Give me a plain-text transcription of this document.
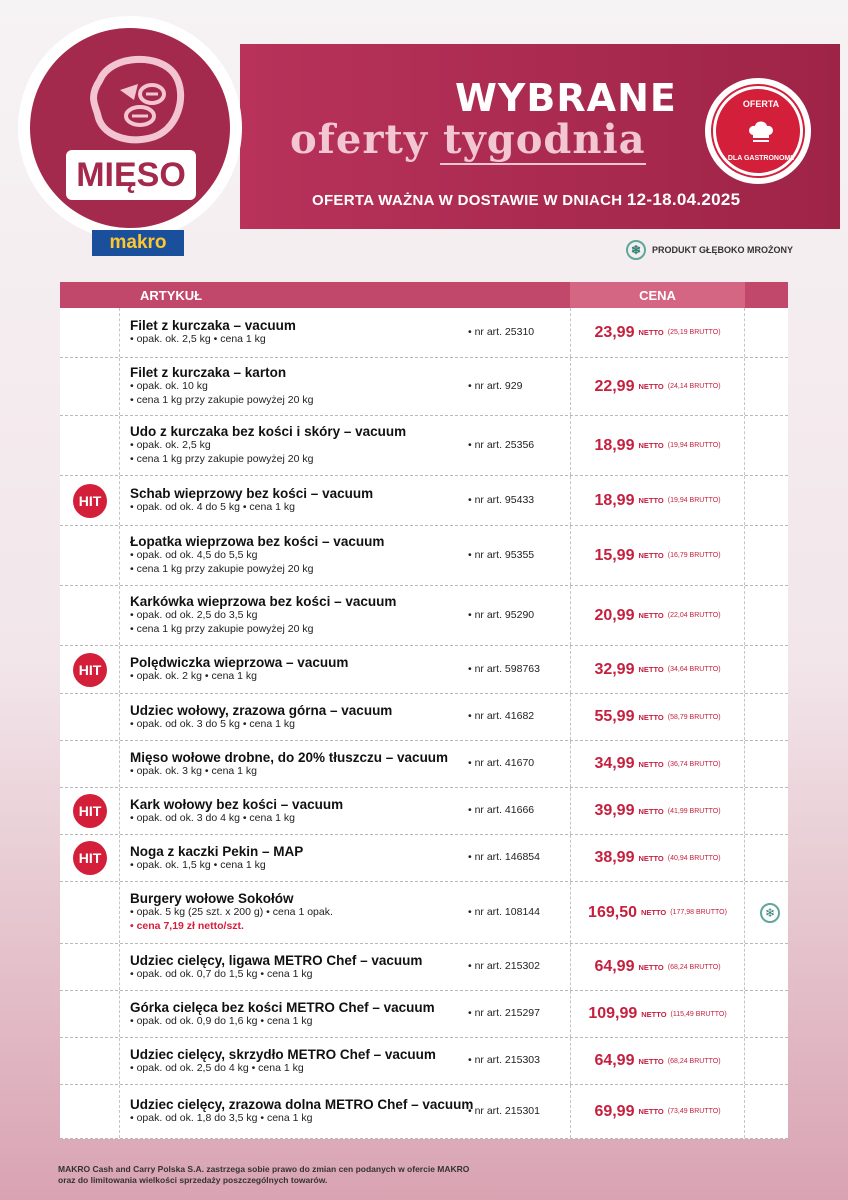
WYBRANE
oferty tygodnia
OFERTA WAŻNA W DOSTAWIE W DNIACH 12-18.04.2025
OFERTA
DLA GASTRONOMII
MIĘSO
makro	❄	PRODUKT GŁĘBOKO MROŻONY
ARTYKUŁ	CENA
Filet z kurczaka – vacuum
• opak. ok. 2,5 kg • cena 1 kg
• nr art. 25310	23,99 NETTO (25,19 BRUTTO)
Filet z kurczaka – karton
• opak. ok. 10 kg
• cena 1 kg przy zakupie powyżej 20 kg
• nr art. 929	22,99 NETTO (24,14 BRUTTO)
Udo z kurczaka bez kości i skóry – vacuum
• opak. ok. 2,5 kg
• cena 1 kg przy zakupie powyżej 20 kg
• nr art. 25356	18,99 NETTO (19,94 BRUTTO)
HIT	Schab wieprzowy bez kości – vacuum
• opak. od ok. 4 do 5 kg • cena 1 kg
• nr art. 95433	18,99 NETTO (19,94 BRUTTO)
Łopatka wieprzowa bez kości – vacuum
• opak. od ok. 4,5 do 5,5 kg
• cena 1 kg przy zakupie powyżej 20 kg
• nr art. 95355	15,99 NETTO (16,79 BRUTTO)
Karkówka wieprzowa bez kości – vacuum
• opak. od ok. 2,5 do 3,5 kg
• cena 1 kg przy zakupie powyżej 20 kg
• nr art. 95290	20,99 NETTO (22,04 BRUTTO)
HIT	Polędwiczka wieprzowa – vacuum
• opak. ok. 2 kg • cena 1 kg
• nr art. 598763	32,99 NETTO (34,64 BRUTTO)
Udziec wołowy, zrazowa górna – vacuum
• opak. od ok. 3 do 5 kg • cena 1 kg
• nr art. 41682	55,99 NETTO (58,79 BRUTTO)
Mięso wołowe drobne, do 20% tłuszczu – vacuum
• opak. ok. 3 kg • cena 1 kg
• nr art. 41670	34,99 NETTO (36,74 BRUTTO)
HIT	Kark wołowy bez kości – vacuum
• opak. od ok. 3 do 4 kg • cena 1 kg
• nr art. 41666	39,99 NETTO (41,99 BRUTTO)
HIT	Noga z kaczki Pekin – MAP
• opak. ok. 1,5 kg • cena 1 kg
• nr art. 146854	38,99 NETTO (40,94 BRUTTO)
Burgery wołowe Sokołów
• opak. 5 kg (25 szt. x 200 g) • cena 1 opak.
• cena 7,19 zł netto/szt.
• nr art. 108144	169,50 NETTO (177,98 BRUTTO)	❄
Udziec cielęcy, ligawa METRO Chef – vacuum
• opak. od ok. 0,7 do 1,5 kg • cena 1 kg
• nr art. 215302	64,99 NETTO (68,24 BRUTTO)
Górka cielęca bez kości METRO Chef – vacuum
• opak. od ok. 0,9 do 1,6 kg • cena 1 kg
• nr art. 215297	109,99 NETTO (115,49 BRUTTO)
Udziec cielęcy, skrzydło METRO Chef – vacuum
• opak. od ok. 2,5 do 4 kg • cena 1 kg
• nr art. 215303	64,99 NETTO (68,24 BRUTTO)
Udziec cielęcy, zrazowa dolna METRO Chef – vacuum
• opak. od ok. 1,8 do 3,5 kg • cena 1 kg
• nr art. 215301	69,99 NETTO (73,49 BRUTTO)
MAKRO Cash and Carry Polska S.A. zastrzega sobie prawo do zmian cen podanych w ofercie MAKRO
oraz do limitowania wielkości sprzedaży poszczególnych towarów.
